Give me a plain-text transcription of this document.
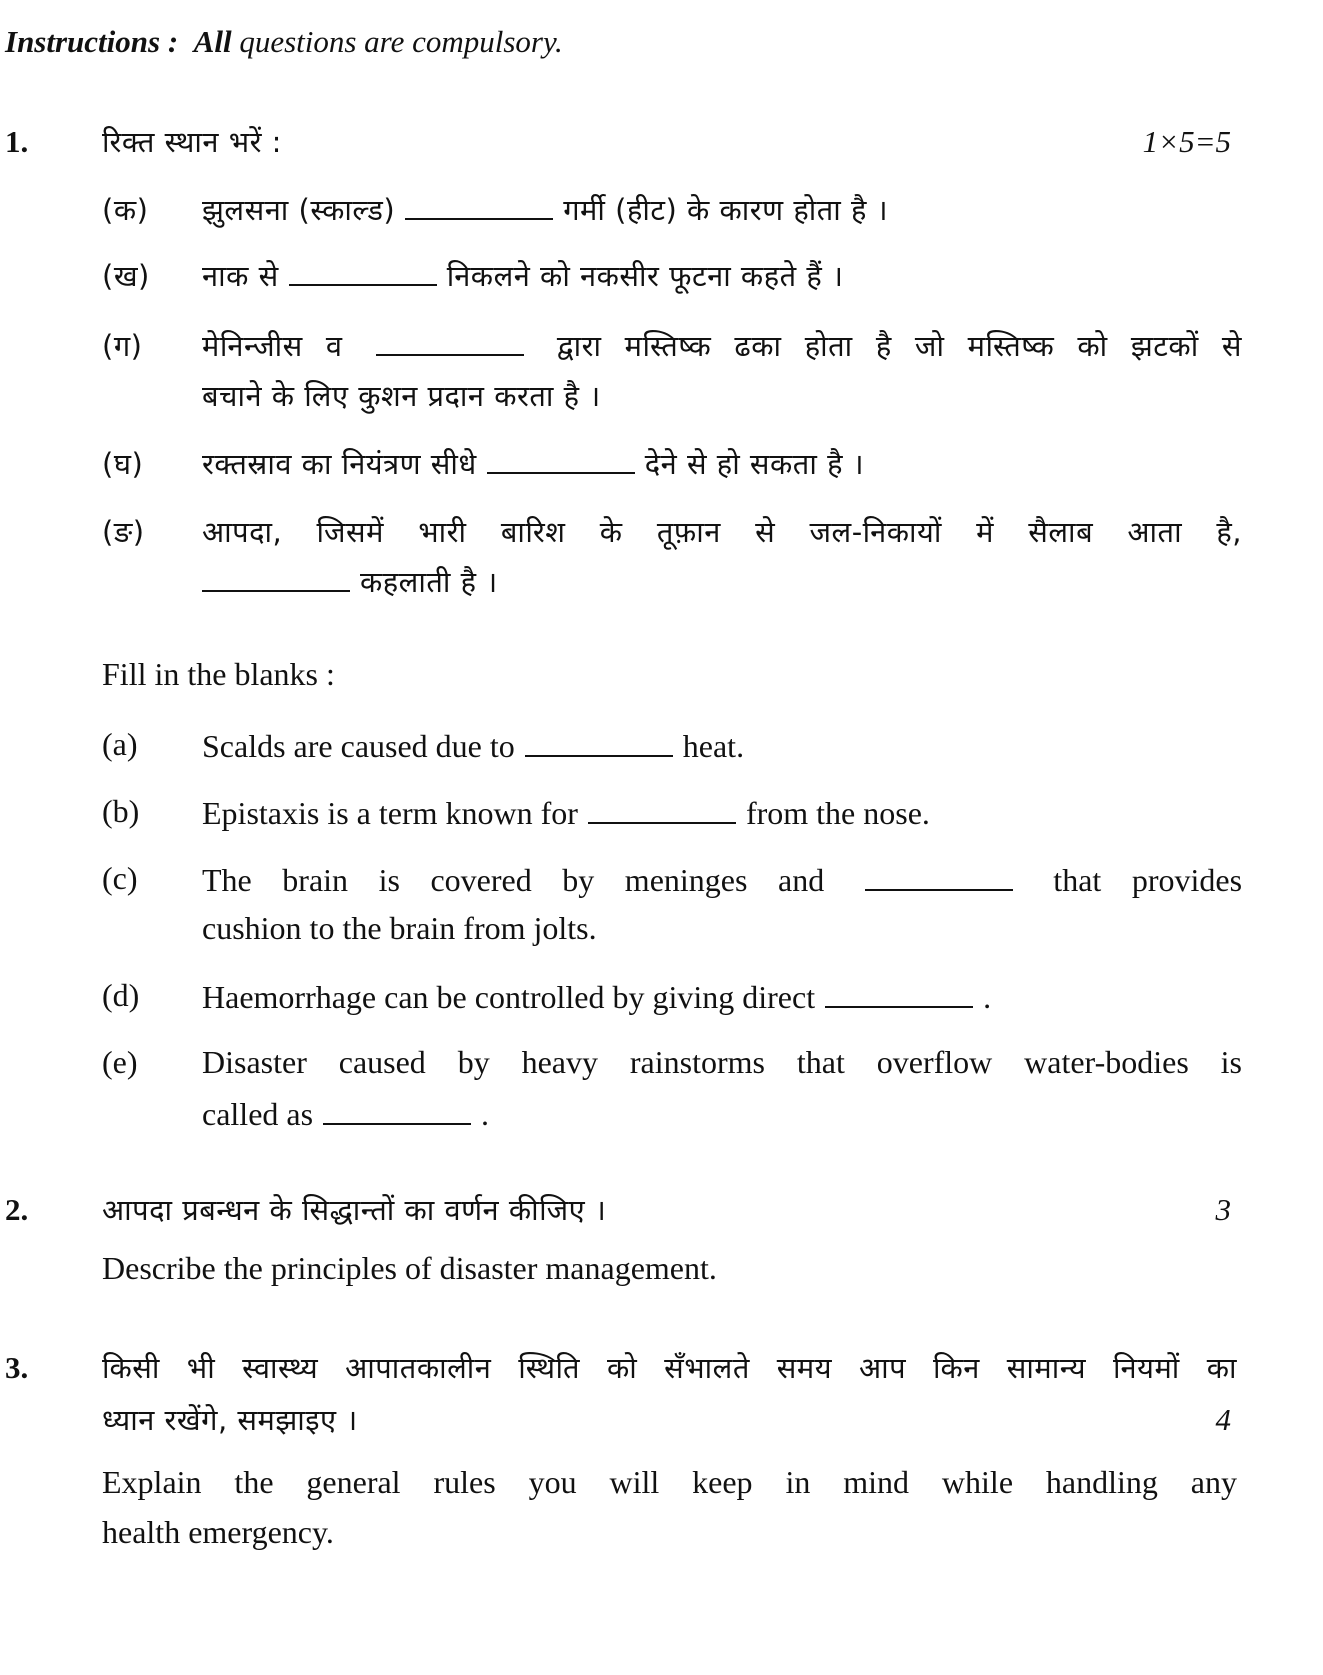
Instructions : All questions are compulsory.
1.	रिक्त स्थान भरें :	1×5=5
(क) झुलसना (स्काल्ड)	गर्मी (हीट) के कारण होता है ।
(ख) नाक से	निकलने को नकसीर फूटना कहते हैं ।
(ग) मेनिन्जीस व	द्वारा मस्तिष्क ढका होता है जो मस्तिष्क को झटकों से
बचाने के लिए कुशन प्रदान करता है ।
(घ) रक्तस्राव का नियंत्रण सीधे	देने से हो सकता है ।
(ङ) आपदा, जिसमें भारी बारिश के तूफ़ान से जल-निकायों में सैलाब आता है,
कहलाती है ।
Fill in the blanks :
(a) Scalds are caused due to	heat.
(b) Epistaxis is a term known for	from the nose.
(c) The brain is covered by meninges and	that provides
cushion to the brain from jolts.
(d) Haemorrhage can be controlled by giving direct	.
(e) Disaster caused by heavy rainstorms that overflow water-bodies is
called as	.
2.	आपदा प्रबन्धन के सिद्धान्तों का वर्णन कीजिए ।	3
Describe the principles of disaster management.
3.	किसी भी स्वास्थ्य आपातकालीन स्थिति को सँभालते समय आप किन सामान्य नियमों का
ध्यान रखेंगे, समझाइए ।	4
Explain the general rules you will keep in mind while handling any
health emergency.
